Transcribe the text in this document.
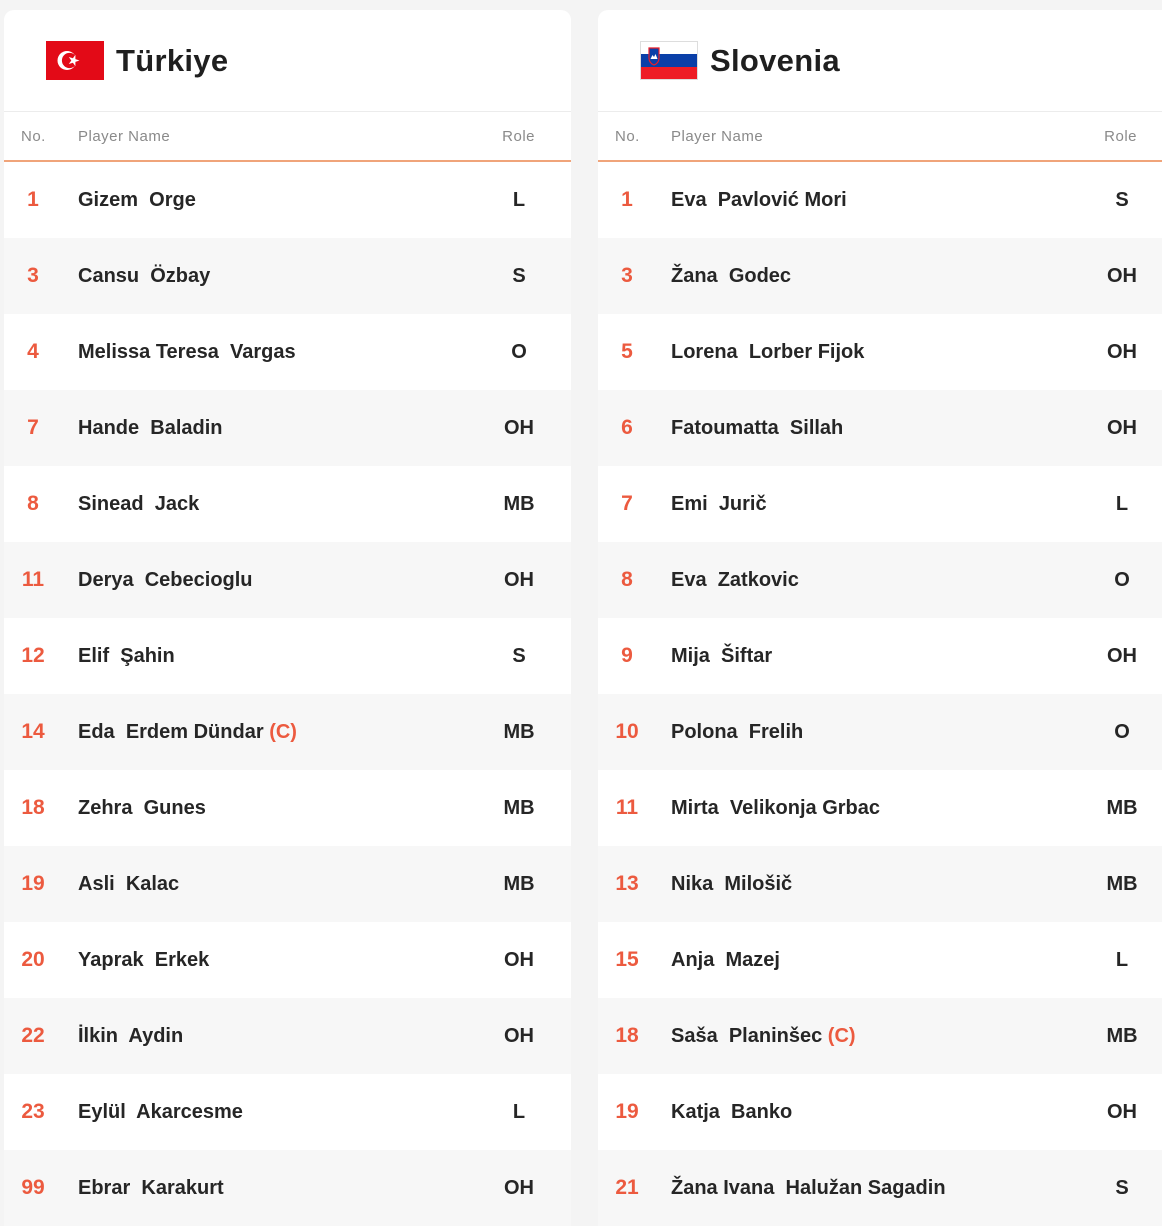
Türkiye
No. Player Name	Role
1	Gizem Orge	L
3	Cansu Özbay	S
4	Melissa Teresa Vargas	O
7	Hande Baladin	OH
8	Sinead Jack	MB
11	Derya Cebecioglu	OH
12	Elif Şahin	S
14	Eda Erdem Dündar (C)	MB
18	Zehra Gunes	MB
19	Asli Kalac	MB
20	Yaprak Erkek	OH
22	İlkin Aydin	OH
23	Eylül Akarcesme	L
99	Ebrar Karakurt	OH
Slovenia
No. Player Name	Role
1	Eva Pavlović Mori	S
3	Žana Godec	OH
5	Lorena Lorber Fijok	OH
6	Fatoumatta Sillah	OH
7	Emi Jurič	L
8	Eva Zatkovic	O
9	Mija Šiftar	OH
10	Polona Frelih	O
11	Mirta Velikonja Grbac	MB
13	Nika Milošič	MB
15	Anja Mazej	L
18	Saša Planinšec (C)	MB
19	Katja Banko	OH
21	Žana Ivana Halužan Sagadin	S
